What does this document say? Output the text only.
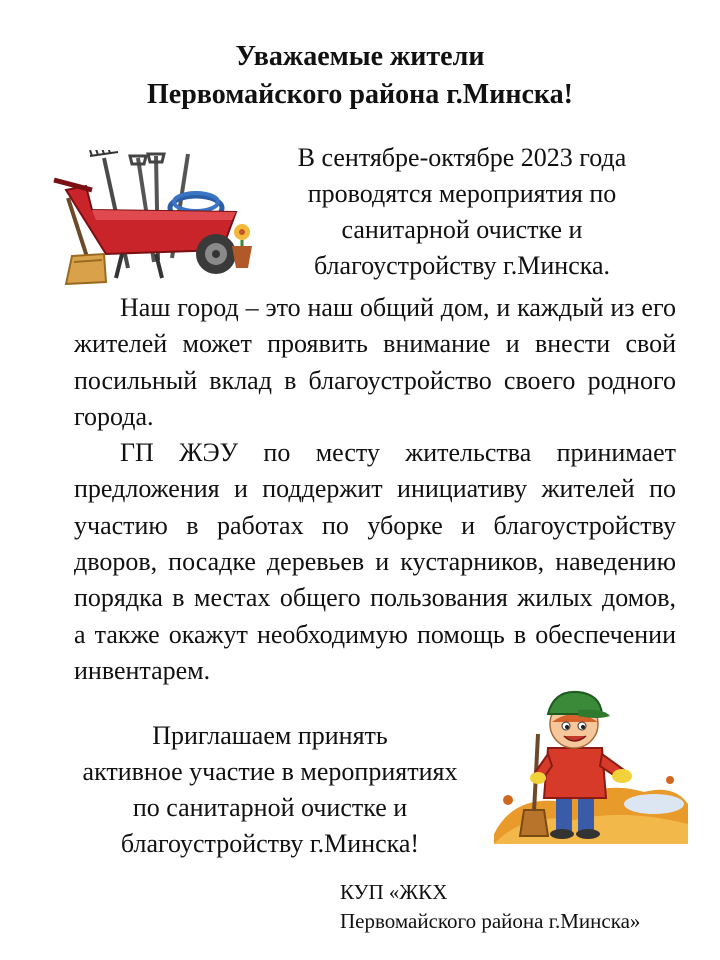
Уважаемые жители
Первомайского района г.Минска!
В сентябре-октябре 2023 года
проводятся мероприятия по
санитарной очистке и
благоустройству г.Минска.

Наш город – это наш общий дом, и каждый из его жителей может проявить внимание и внести свой посильный вклад в благоустройство своего родного города.

ГП ЖЭУ по месту жительства принимает предложения и поддержит инициативу жителей по участию в работах по уборке и благоустройству дворов, посадке деревьев и кустарников, наведению порядка в местах общего пользования жилых домов, а также окажут необходимую помощь в обеспечении инвентарем.

Приглашаем принять
активное участие в мероприятиях
по санитарной очистке и
благоустройству г.Минска!
КУП «ЖКХ
Первомайского района г.Минска»
